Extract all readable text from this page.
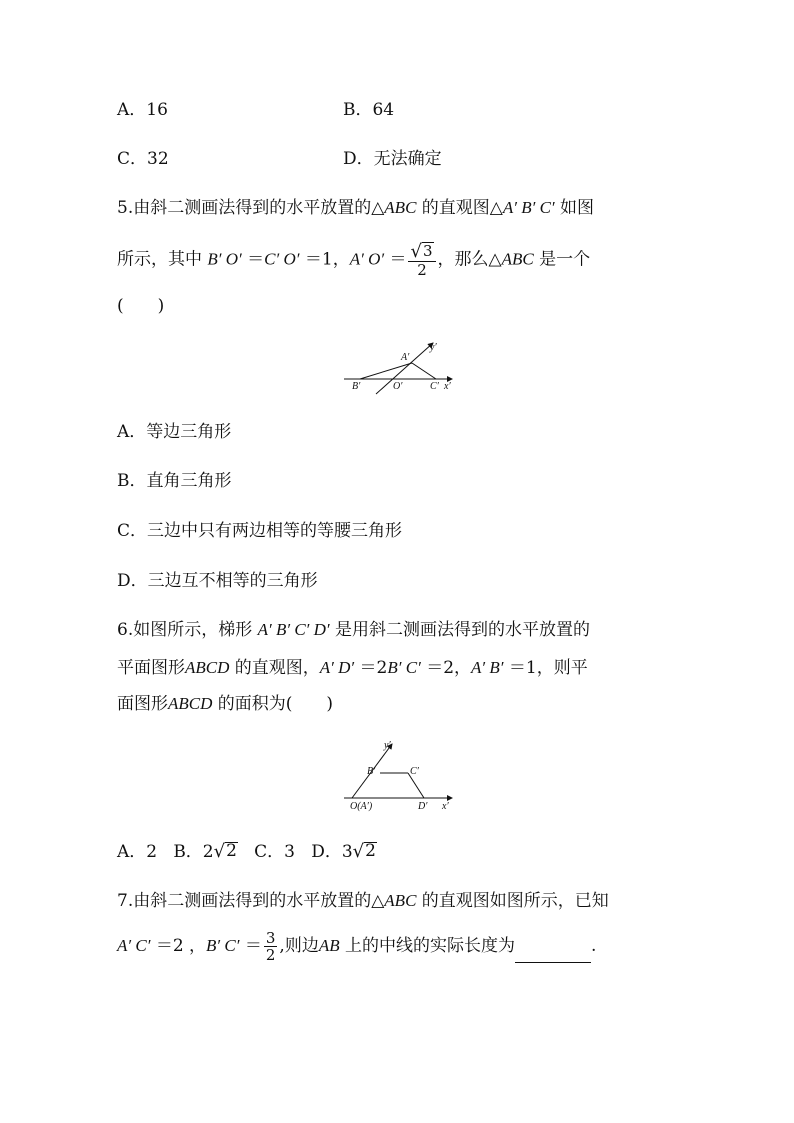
A．16	B．64
C．32	D．无法确定
5.由斜二测画法得到的水平放置的△ABC 的直观图△A′ B′ C′ 如图
所示，其中 B′ O′ ＝C′ O′ ＝1，A′ $O' = \frac{√ 3}{2}$ ，那么△ABC 是一个
(　　)
A′
y′
B′	O′	C′ x′
A．等边三角形
B．直角三角形
C．三边中只有两边相等的等腰三角形
D．三边互不相等的三角形
6.如图所示，梯形 A′ B′ C′ D′ 是用斜二测画法得到的水平放置的
平面图形ABCD 的直观图，A′ D′ ＝2B′ C′ ＝2，A′ B′ ＝1，则平
面图形ABCD 的面积为(　　)
y′
B′	C′
O(A′)	D′ x′
A．2 B．2 √ 2 C．3 D．3 √ 2
7.由斜二测画法得到的水平放置的△ABC 的直观图如图所示，已知
A′ C′ ＝2 ，B′ $C' = \frac{3}{2}$ ,则边AB 上的中线的实际长度为	.
